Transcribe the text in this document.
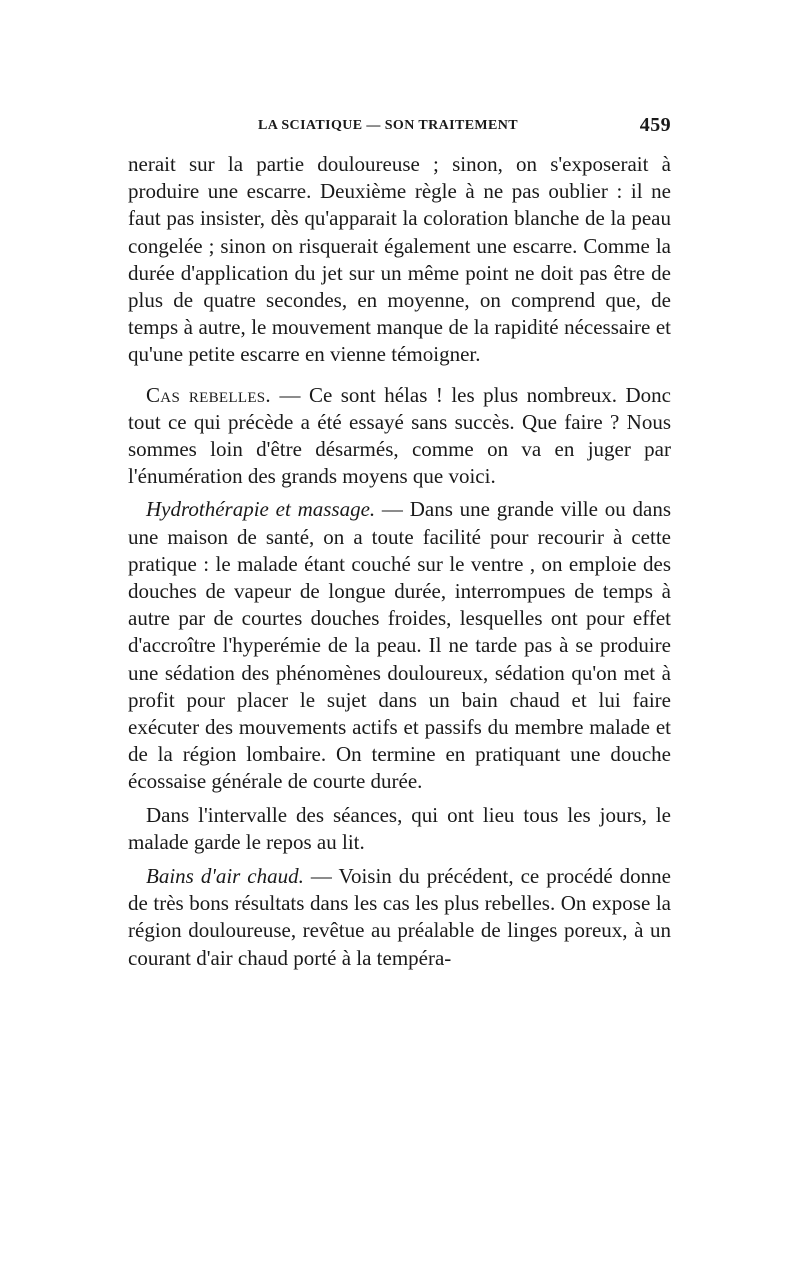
LA SCIATIQUE — SON TRAITEMENT	459

nerait sur la partie douloureuse ; sinon, on s'exposerait à produire une escarre. Deuxième règle à ne pas oublier : il ne faut pas insister, dès qu'apparait la coloration blanche de la peau congelée ; sinon on risquerait également une escarre. Comme la durée d'application du jet sur un même point ne doit pas être de plus de quatre secondes, en moyenne, on comprend que, de temps à autre, le mouvement manque de la rapidité nécessaire et qu'une petite escarre en vienne témoigner.

Cas rebelles. — Ce sont hélas ! les plus nombreux. Donc tout ce qui précède a été essayé sans succès. Que faire ? Nous sommes loin d'être désarmés, comme on va en juger par l'énumération des grands moyens que voici.

Hydrothérapie et massage. — Dans une grande ville ou dans une maison de santé, on a toute facilité pour recourir à cette pratique : le malade étant couché sur le ventre , on emploie des douches de vapeur de longue durée, interrompues de temps à autre par de courtes douches froides, lesquelles ont pour effet d'accroître l'hyperémie de la peau. Il ne tarde pas à se produire une sédation des phénomènes douloureux, sédation qu'on met à profit pour placer le sujet dans un bain chaud et lui faire exécuter des mouvements actifs et passifs du membre malade et de la région lombaire. On termine en pratiquant une douche écossaise générale de courte durée.

Dans l'intervalle des séances, qui ont lieu tous les jours, le malade garde le repos au lit.

Bains d'air chaud. — Voisin du précédent, ce procédé donne de très bons résultats dans les cas les plus rebelles. On expose la région douloureuse, revêtue au préalable de linges poreux, à un courant d'air chaud porté à la tempéra-
